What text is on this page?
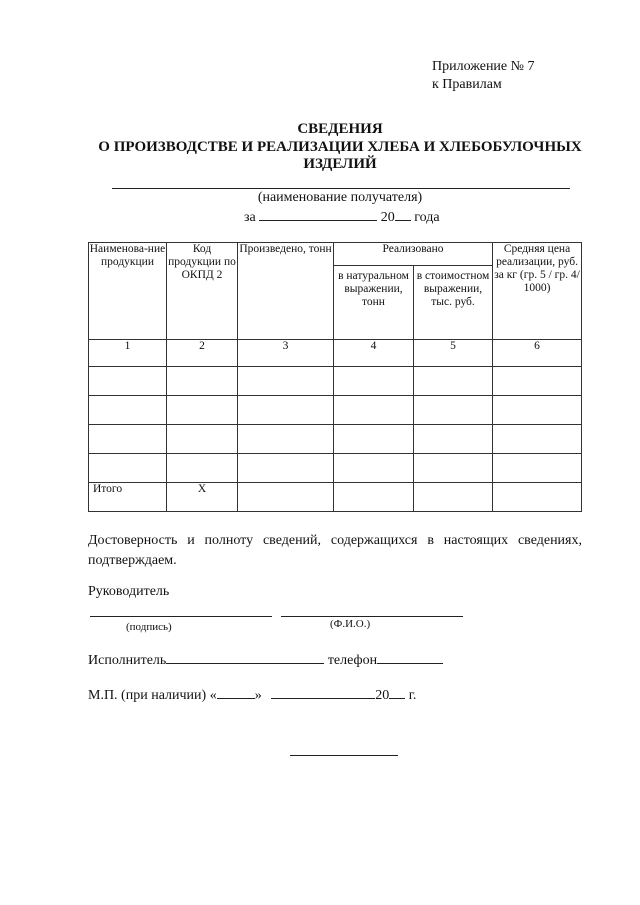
Приложение № 7
к Правилам
СВЕДЕНИЯ
О ПРОИЗВОДСТВЕ И РЕАЛИЗАЦИИ ХЛЕБА И ХЛЕБОБУЛОЧНЫХ
ИЗДЕЛИЙ
(наименование получателя)
за	20 года
Наименова-ние продукции	Код продукции по ОКПД 2	Произведено, тонн	Реализовано		Средняя цена реализации, руб. за кг (гр. 5 / гр. 4/ 1000)
			в натуральном выражении, тонн	в стоимостном выражении, тыс. руб.	
1	2	3	4	5	6

Итого	Х				
Достоверность и полноту сведений, содержащихся в настоящих сведениях, подтверждаем.
Руководитель
(подпись)	(Ф.И.О.)
Исполнитель	телефон
М.П. (при наличии) «	»	20 г.
